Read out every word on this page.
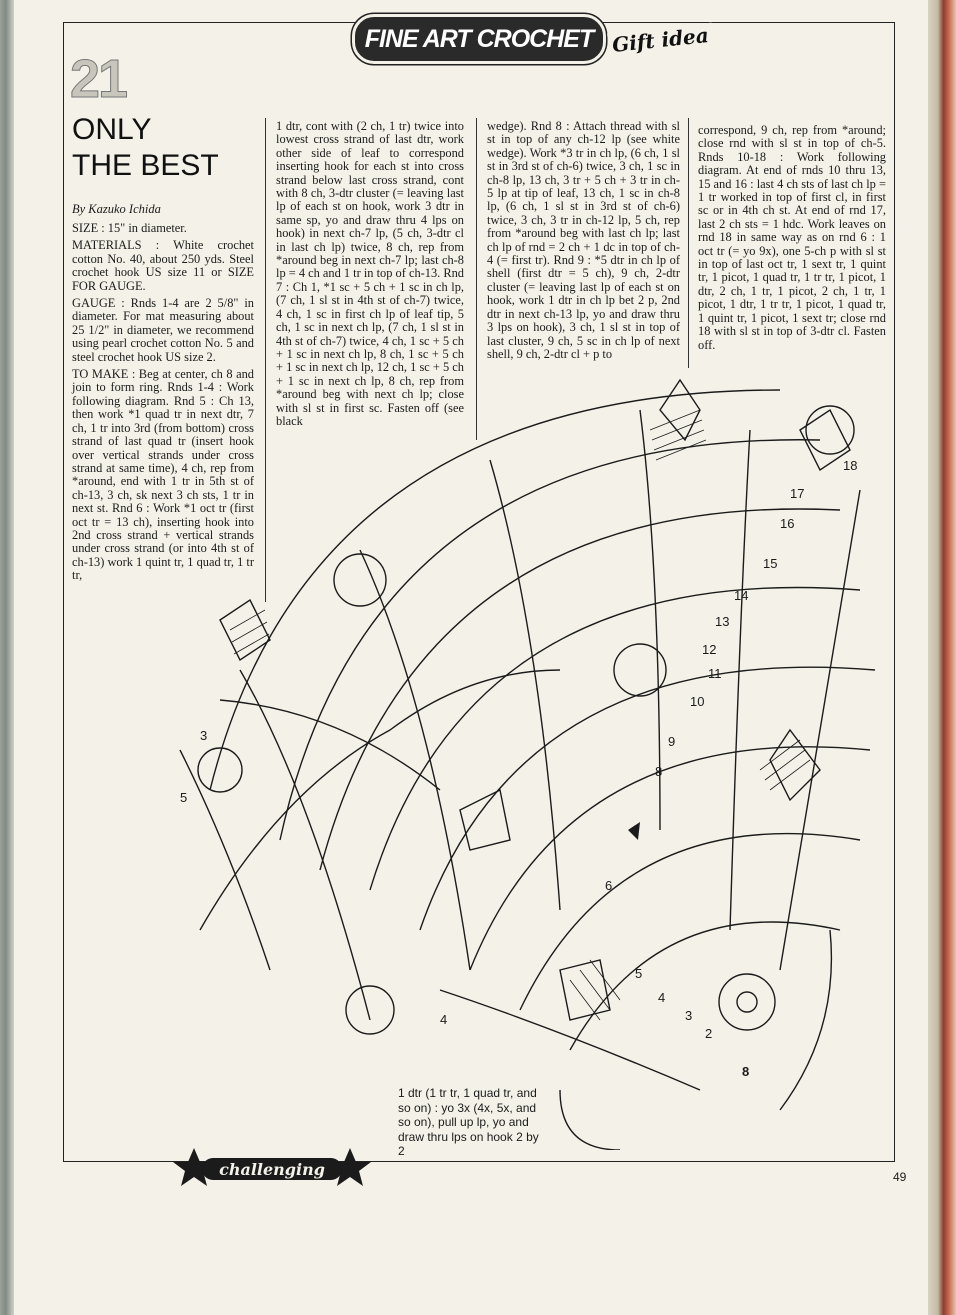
FINE ART CROCHET Gift idea
21
ONLY
THE BEST
By Kazuko Ichida

SIZE : 15" in diameter.

MATERIALS : White crochet cotton No. 40, about 250 yds. Steel crochet hook US size 11 or SIZE FOR GAUGE.

GAUGE : Rnds 1-4 are 2 5/8" in diameter. For mat measuring about 25 1/2" in diameter, we recommend using pearl crochet cotton No. 5 and steel crochet hook US size 2.

TO MAKE : Beg at center, ch 8 and join to form ring. Rnds 1-4 : Work following diagram. Rnd 5 : Ch 13, then work *1 quad tr in next dtr, 7 ch, 1 tr into 3rd (from bottom) cross strand of last quad tr (insert hook over vertical strands under cross strand at same time), 4 ch, rep from *around, end with 1 tr in 5th st of ch-13, 3 ch, sk next 3 ch sts, 1 tr in next st. Rnd 6 : Work *1 oct tr (first oct tr = 13 ch), inserting hook into 2nd cross strand + vertical strands under cross strand (or into 4th st of ch-13) work 1 quint tr, 1 quad tr, 1 tr tr,

1 dtr, cont with (2 ch, 1 tr) twice into lowest cross strand of last dtr, work other side of leaf to correspond inserting hook for each st into cross strand below last cross strand, cont with 8 ch, 3-dtr cluster (= leaving last lp of each st on hook, work 3 dtr in same sp, yo and draw thru 4 lps on hook) in next ch-7 lp, (5 ch, 3-dtr cl in last ch lp) twice, 8 ch, rep from *around beg in next ch-7 lp; last ch-8 lp = 4 ch and 1 tr in top of ch-13. Rnd 7 : Ch 1, *1 sc + 5 ch + 1 sc in ch lp, (7 ch, 1 sl st in 4th st of ch-7) twice, 4 ch, 1 sc in first ch lp of leaf tip, 5 ch, 1 sc in next ch lp, (7 ch, 1 sl st in 4th st of ch-7) twice, 4 ch, 1 sc + 5 ch + 1 sc in next ch lp, 8 ch, 1 sc + 5 ch + 1 sc in next ch lp, 12 ch, 1 sc + 5 ch + 1 sc in next ch lp, 8 ch, rep from *around beg with next ch lp; close with sl st in first sc. Fasten off (see black

wedge). Rnd 8 : Attach thread with sl st in top of any ch-12 lp (see white wedge). Work *3 tr in ch lp, (6 ch, 1 sl st in 3rd st of ch-6) twice, 3 ch, 1 sc in ch-8 lp, 13 ch, 3 tr + 5 ch + 3 tr in ch-5 lp at tip of leaf, 13 ch, 1 sc in ch-8 lp, (6 ch, 1 sl st in 3rd st of ch-6) twice, 3 ch, 3 tr in ch-12 lp, 5 ch, rep from *around beg with last ch lp; last ch lp of rnd = 2 ch + 1 dc in top of ch-4 (= first tr). Rnd 9 : *5 dtr in ch lp of shell (first dtr = 5 ch), 9 ch, 2-dtr cluster (= leaving last lp of each st on hook, work 1 dtr in ch lp bet 2 p, 2nd dtr in next ch-13 lp, yo and draw thru 3 lps on hook), 3 ch, 1 sl st in top of last cluster, 9 ch, 5 sc in ch lp of next shell, 9 ch, 2-dtr cl + p to

correspond, 9 ch, rep from *around; close rnd with sl st in top of ch-5. Rnds 10-18 : Work following diagram. At end of rnds 10 thru 13, 15 and 16 : last 4 ch sts of last ch lp = 1 tr worked in top of first cl, in first sc or in 4th ch st. At end of rnd 17, last 2 ch sts = 1 hdc. Work leaves on rnd 18 in same way as on rnd 6 : 1 oct tr (= yo 9x), one 5-ch p with sl st in top of last oct tr, 1 sext tr, 1 quint tr, 1 picot, 1 quad tr, 1 tr tr, 1 picot, 1 dtr, 2 ch, 1 tr, 1 picot, 2 ch, 1 tr, 1 picot, 1 dtr, 1 tr tr, 1 picot, 1 quad tr, 1 quint tr, 1 picot, 1 sext tr; close rnd 18 with sl st in top of 3-dtr cl. Fasten off.

18
17
16
15
14
13
12
11
10
9
8
6
5
4
3
2
8
3
5
4
1 dtr (1 tr tr, 1 quad tr, and so on) : yo 3x (4x, 5x, and so on), pull up lp, yo and draw thru lps on hook 2 by 2
challenging	49
